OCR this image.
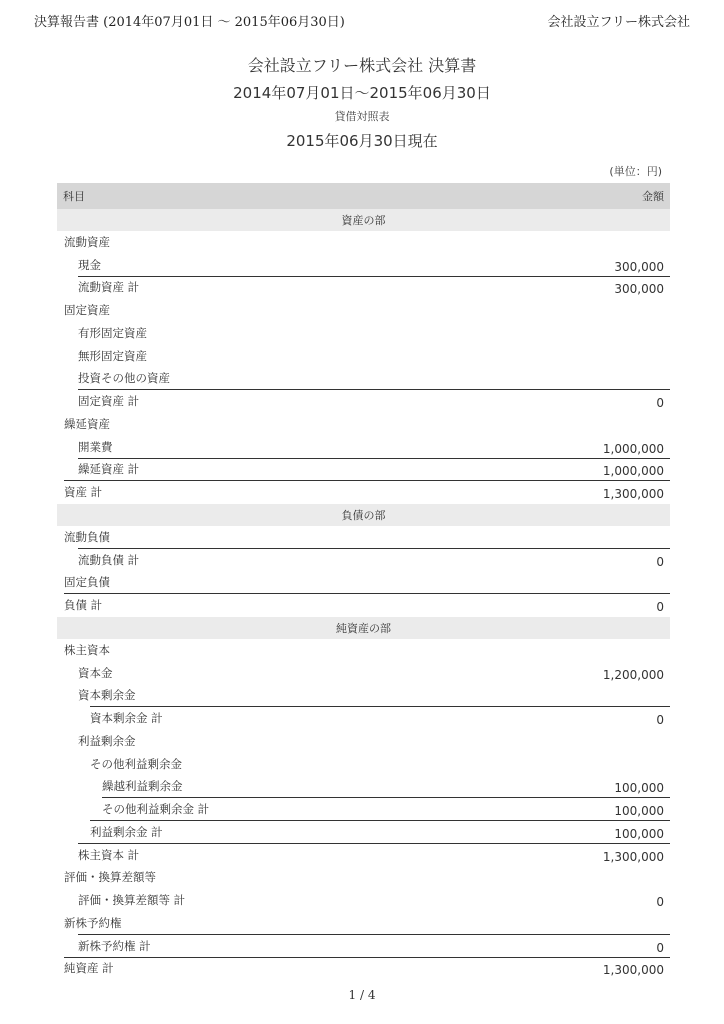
決算報告書 (2014年07月01日 〜 2015年06月30日)	会社設立フリー株式会社
会社設立フリー株式会社 決算書
2014年07月01日〜2015年06月30日
貸借対照表
2015年06月30日現在
(単位：円)
科目	金額
資産の部
流動資産
現金	300,000
流動資産 計	300,000
固定資産
有形固定資産
無形固定資産
投資その他の資産
固定資産 計	0
繰延資産
開業費	1,000,000
繰延資産 計	1,000,000
資産 計	1,300,000
負債の部
流動負債
流動負債 計	0
固定負債
負債 計	0
純資産の部
株主資本
資本金	1,200,000
資本剰余金
資本剰余金 計	0
利益剰余金
その他利益剰余金
繰越利益剰余金	100,000
その他利益剰余金 計	100,000
利益剰余金 計	100,000
株主資本 計	1,300,000
評価・換算差額等
評価・換算差額等 計	0
新株予約権
新株予約権 計	0
純資産 計	1,300,000
1 / 4
